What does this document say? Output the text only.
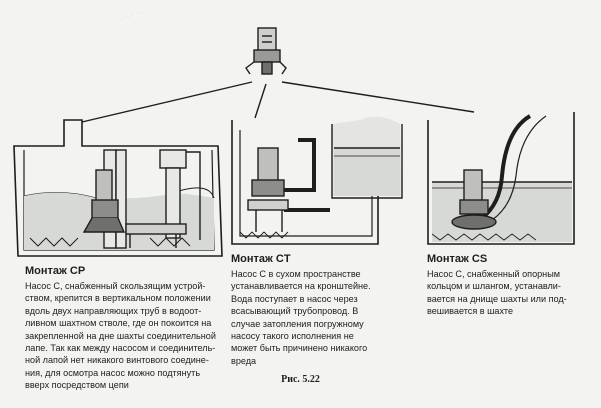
· · · · · · · ·
Монтаж CP
Насос С, снабженный скользящим устрой-
ством, крепится в вертикальном положении
вдоль двух направляющих труб в водоот-
ливном шахтном стволе, где он покоится на
закрепленной на дне шахты соединительной
лапе. Так как между насосом и соединитель-
ной лапой нет никакого винтового соедине-
ния, для осмотра насос можно подтянуть
вверх посредством цепи
Монтаж CT
Насос С в сухом пространстве
устанавливается на кронштейне.
Вода поступает в насос через
всасывающий трубопровод. В
случае затопления погружному
насосу такого исполнения не
может быть причинено никакого
вреда
Монтаж CS
Насос С, снабженный опорным
кольцом и шлангом, устанавли-
вается на днище шахты или под-
вешивается в шахте
Рис. 5.22
